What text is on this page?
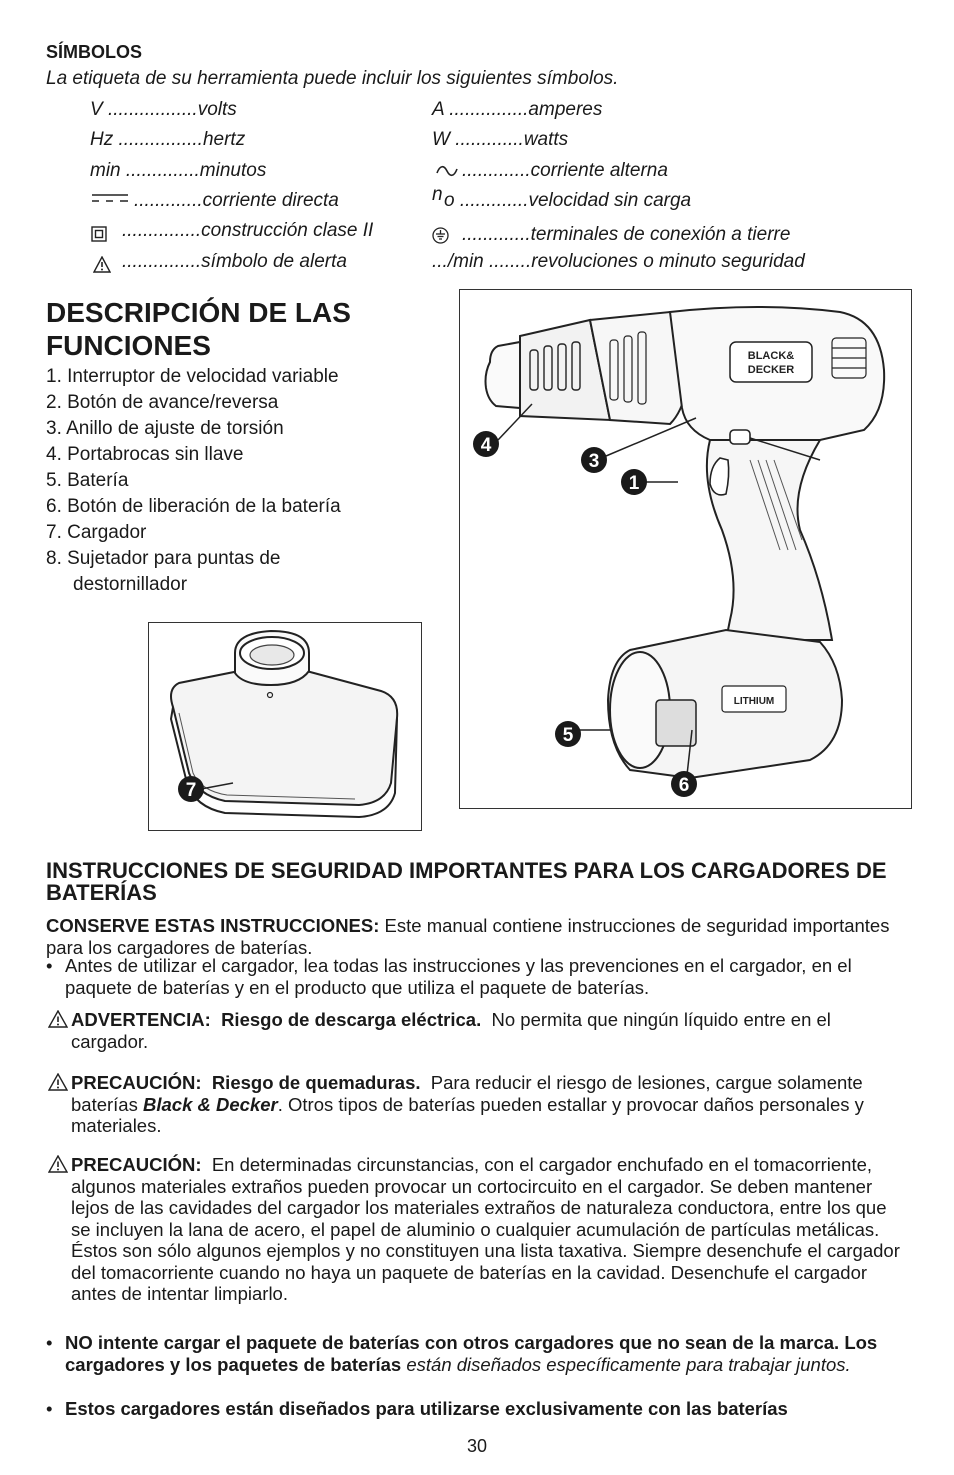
SÍMBOLOS
La etiqueta de su herramienta puede incluir los siguientes símbolos.
V .................volts
Hz ................hertz
min ..............minutos
.............corriente directa
...............construcción clase II
...............símbolo de alerta
A ...............amperes
W .............watts
.............corriente alterna
n o .............velocidad sin carga
.............terminales de conexión a tierre
.../min ........revoluciones o minuto seguridad
DESCRIPCIÓN DE LAS FUNCIONES
1. Interruptor de velocidad variable
2. Botón de avance/reversa
3. Anillo de ajuste de torsión
4. Portabrocas sin llave
5. Batería
6. Botón de liberación de la batería
7. Cargador
8. Sujetador para puntas de
destornillador
7
BLACK&
DECKER
LITHIUM
4
3
1
5
6
INSTRUCCIONES DE SEGURIDAD IMPORTANTES PARA LOS CARGADORES DE BATERÍAS
CONSERVE ESTAS INSTRUCCIONES: Este manual contiene instrucciones de seguridad importantes para los cargadores de baterías.
• Antes de utilizar el cargador, lea todas las instrucciones y las prevenciones en el cargador, en el paquete de baterías y en el producto que utiliza el paquete de baterías.
ADVERTENCIA: Riesgo de descarga eléctrica. No permita que ningún líquido entre en el cargador.
PRECAUCIÓN: Riesgo de quemaduras. Para reducir el riesgo de lesiones, cargue solamente baterías Black & Decker. Otros tipos de baterías pueden estallar y provocar daños personales y materiales.
PRECAUCIÓN: En determinadas circunstancias, con el cargador enchufado en el tomacorriente, algunos materiales extraños pueden provocar un cortocircuito en el cargador. Se deben mantener lejos de las cavidades del cargador los materiales extraños de naturaleza conductora, entre los que se incluyen la lana de acero, el papel de aluminio o cualquier acumulación de partículas metálicas. Éstos son sólo algunos ejemplos y no constituyen una lista taxativa. Siempre desenchufe el cargador del tomacorriente cuando no haya un paquete de baterías en la cavidad. Desenchufe el cargador antes de intentar limpiarlo.
• NO intente cargar el paquete de baterías con otros cargadores que no sean de la marca. Los cargadores y los paquetes de baterías están diseñados específicamente para trabajar juntos.
• Estos cargadores están diseñados para utilizarse exclusivamente con las baterías
30
